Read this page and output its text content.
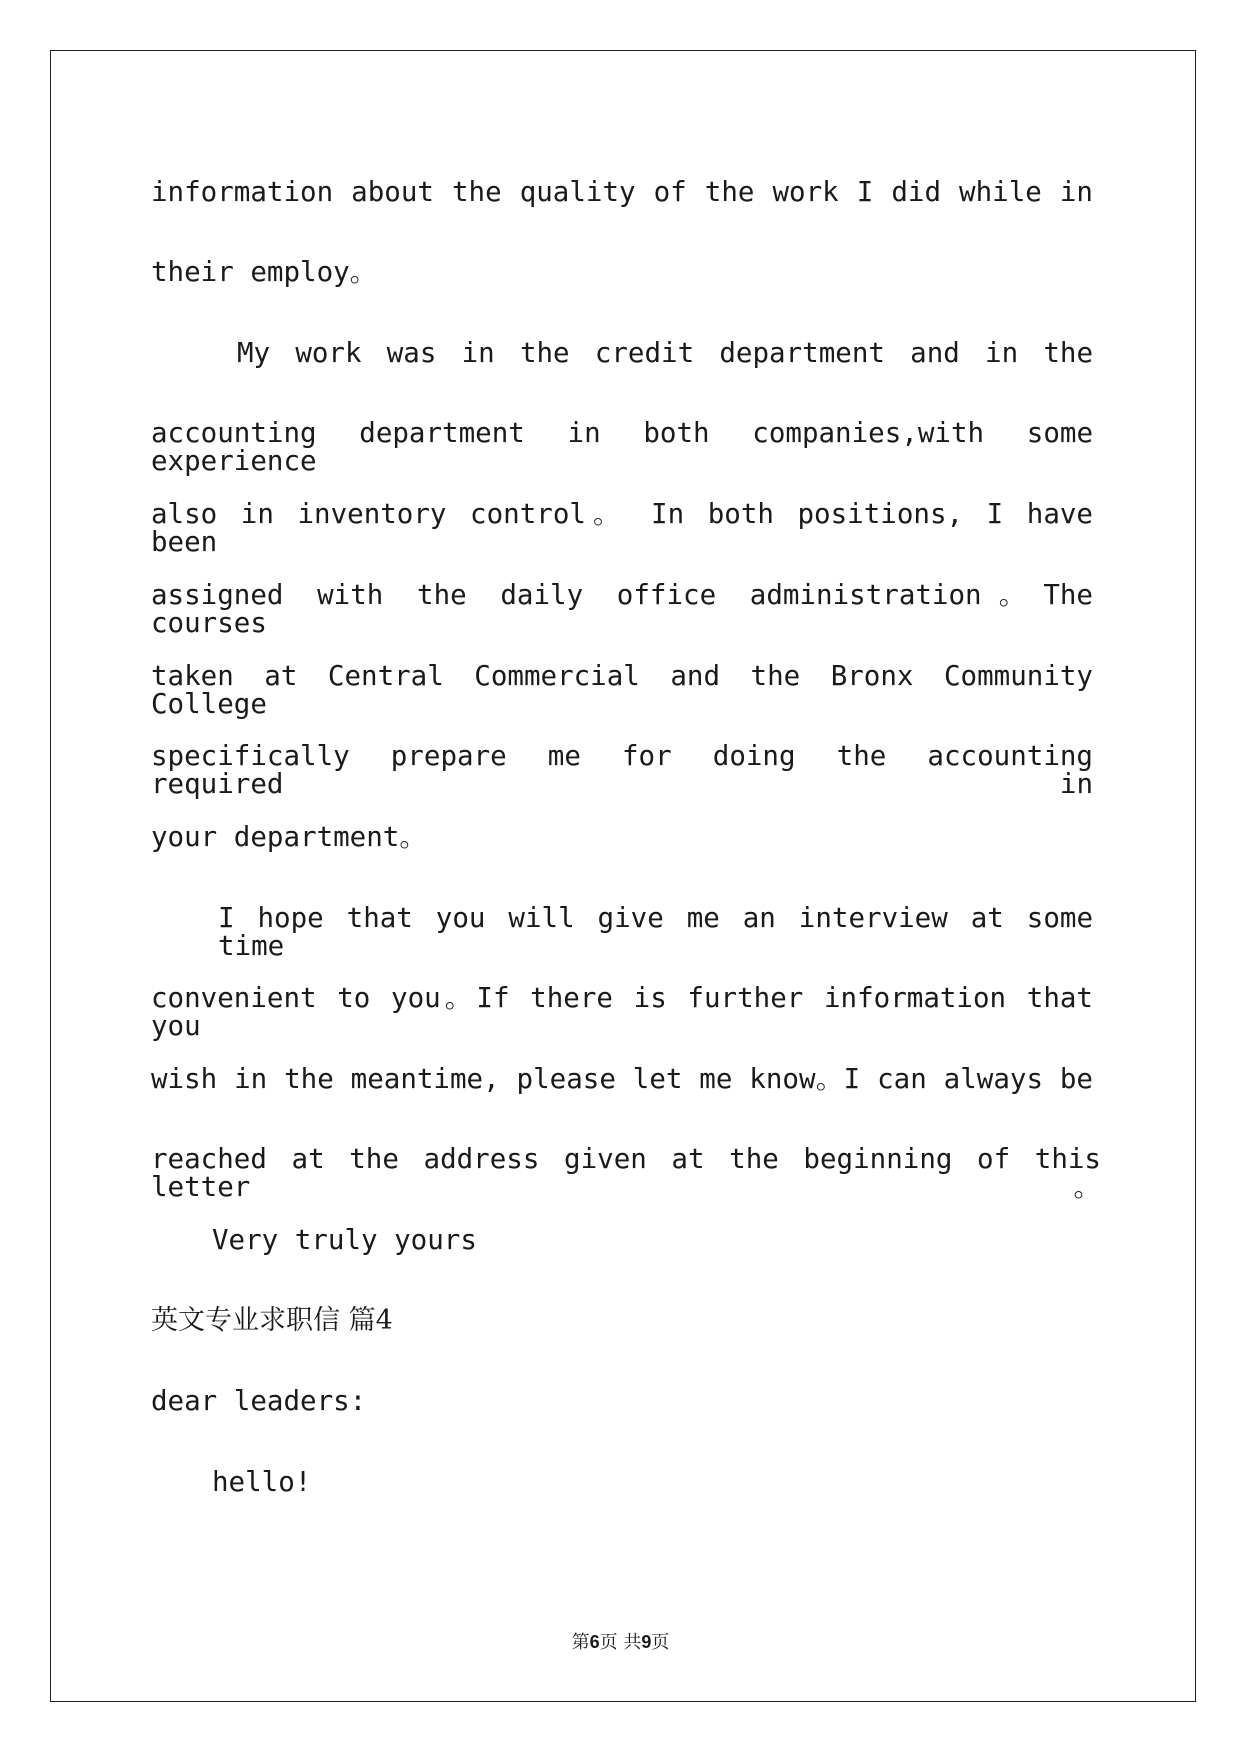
information about the quality of the work I did while in
their employ。
My work was in the credit department and in the
accounting department in both companies,with some experience
also in inventory control。 In both positions, I have been
assigned with the daily office administration。The courses
taken at Central Commercial and the Bronx Community College
specifically prepare me for doing the accounting required in
your department。
I hope that you will give me an interview at some time
convenient to you。If there is further information that you
wish in the meantime, please let me know。I can always be
reached at the address given at the beginning of this letter。
Very truly yours
英文专业求职信 篇4
dear leaders:
hello!
第6页 共9页
